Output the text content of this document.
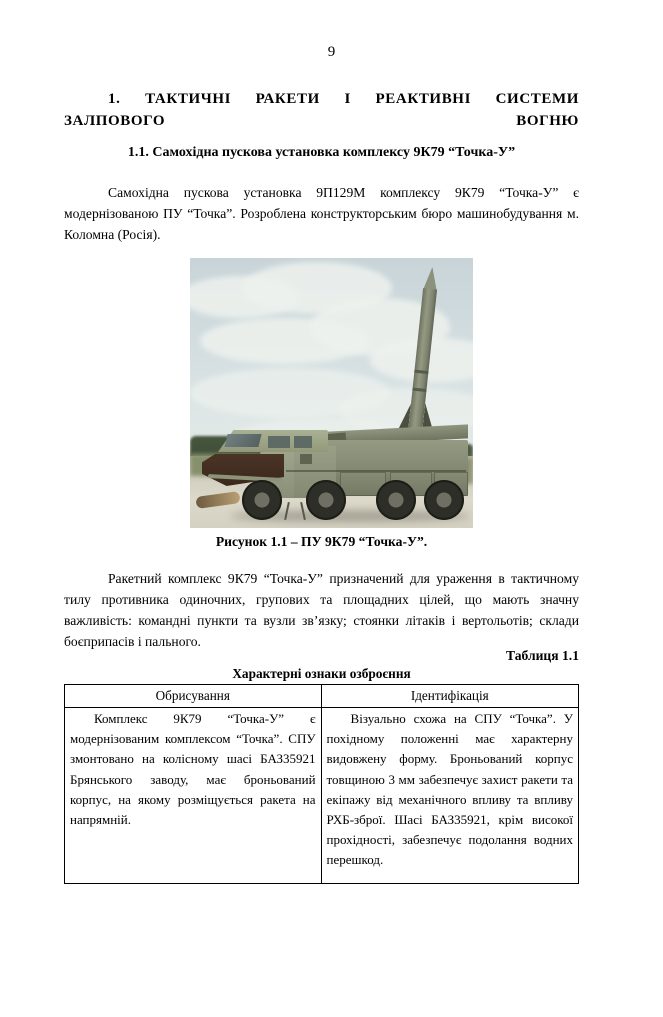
9
1. ТАКТИЧНІ РАКЕТИ І РЕАКТИВНІ СИСТЕМИ ЗАЛПОВОГО ВОГНЮ
1.1. Самохідна пускова установка комплексу 9К79 “Точка-У”
Самохідна пускова установка 9П129М комплексу 9К79 “Точка-У” є модернізованою ПУ “Точка”. Розроблена конструкторським бюро машинобудування м. Коломна (Росія).
Рисунок 1.1 – ПУ 9К79 “Точка-У”.
Ракетний комплекс 9К79 “Точка-У” призначений для ураження в тактичному тилу противника одиночних, групових та площадних цілей, що мають значну важливість: командні пункти та вузли зв’язку; стоянки літаків і вертольотів; склади боєприпасів і пального.
Таблиця 1.1
Характерні ознаки озброєння
Обрисування	Ідентифікація

Комплекс 9К79 “Точка-У” є модернізованим комплексом “Точка”. СПУ змонтовано на колісному шасі БАЗ35921 Брянського заводу, має броньований корпус, на якому розміщується ракета на напрямній.	Візуально схожа на СПУ “Точка”. У похідному положенні має характерну видовжену форму. Броньований корпус товщиною 3 мм забезпечує захист ракети та екіпажу від механічного впливу та впливу РХБ-зброї. Шасі БАЗ35921, крім високої прохідності, забезпечує подолання водних перешкод.
